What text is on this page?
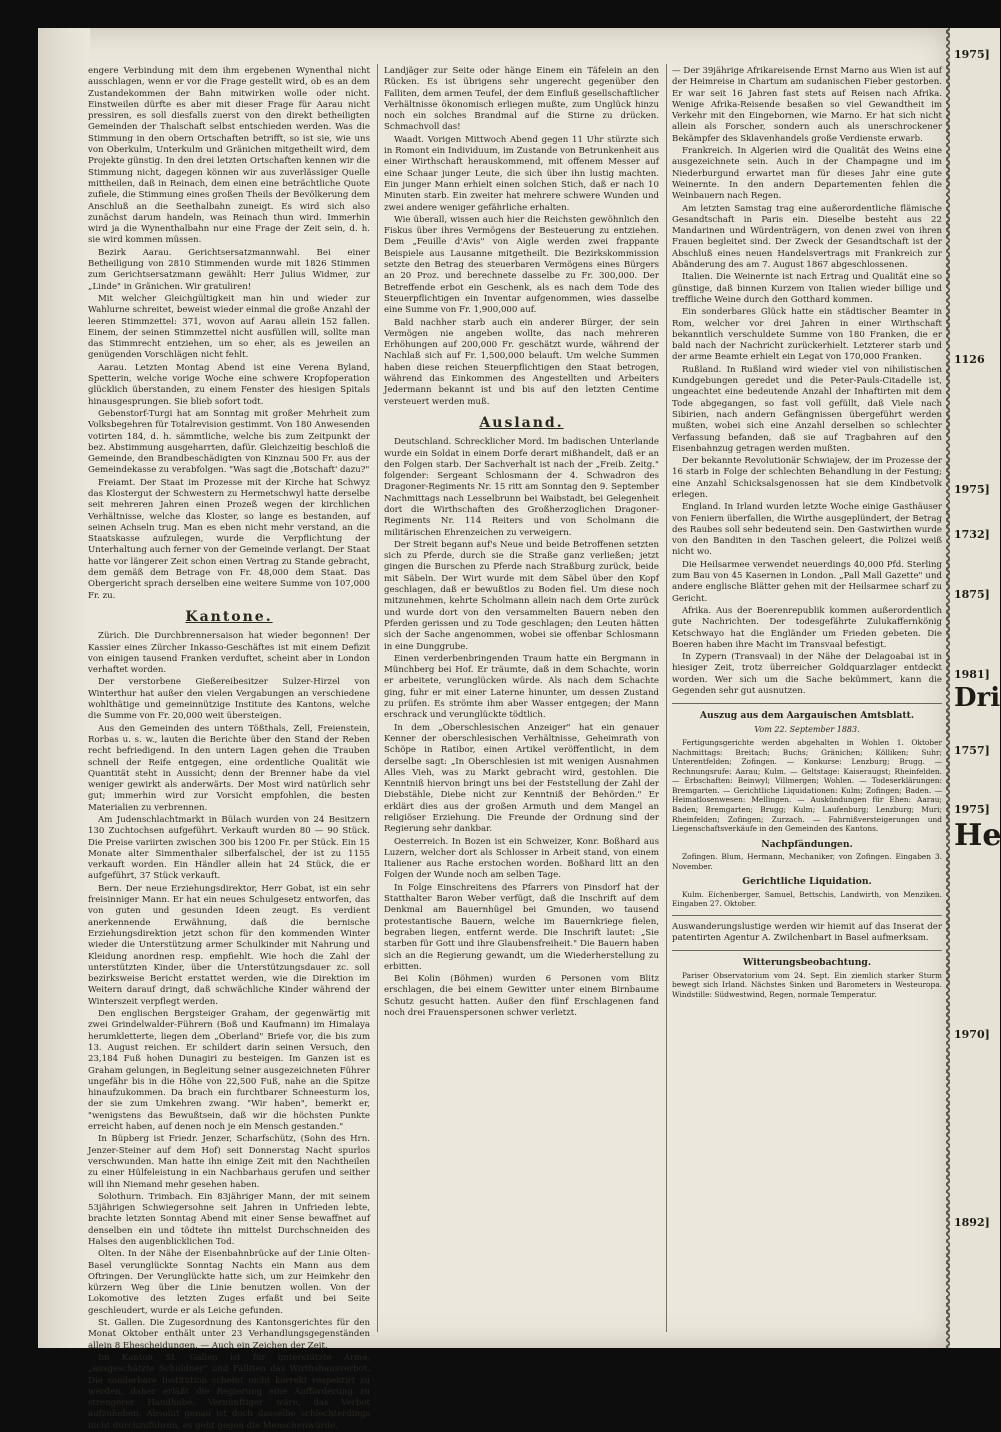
engere Verbindung mit dem ihm ergebenen Wynenthal nicht ausschlagen, wenn er vor die Frage gestellt wird, ob es an dem Zustandekommen der Bahn mitwirken wolle oder nicht. Einstweilen dürfte es aber mit dieser Frage für Aarau nicht pressiren, es soll diesfalls zuerst von den direkt betheiligten Gemeinden der Thalschaft selbst entschieden werden. Was die Stimmung in den obern Ortschaften betrifft, so ist sie, wie uns von Oberkulm, Unterkulm und Gränichen mitgetheilt wird, dem Projekte günstig. In den drei letzten Ortschaften kennen wir die Stimmung nicht, dagegen können wir aus zuverlässiger Quelle mittheilen, daß in Reinach, dem einen eine beträchtliche Quote zufiele, die Stimmung eines großen Theils der Bevölkerung dem Anschluß an die Seethalbahn zuneigt. Es wird sich also zunächst darum handeln, was Reinach thun wird. Immerhin wird ja die Wynenthalbahn nur eine Frage der Zeit sein, d. h. sie wird kommen müssen.

Bezirk Aarau. Gerichtsersatzmannwahl. Bei einer Betheiligung von 2810 Stimmenden wurde mit 1826 Stimmen zum Gerichtsersatzmann gewählt: Herr Julius Widmer, zur „Linde" in Gränichen. Wir gratuliren!

Mit welcher Gleichgültigkeit man hin und wieder zur Wahlurne schreitet, beweist wieder einmal die große Anzahl der leeren Stimmzettel: 371, wovon auf Aarau allein 152 fallen. Einem, der seinen Stimmzettel nicht ausfüllen will, sollte man das Stimmrecht entziehen, um so eher, als es jeweilen an genügenden Vorschlägen nicht fehlt.

Aarau. Letzten Montag Abend ist eine Verena Byland, Spetterin, welche vorige Woche eine schwere Kropfoperation glücklich überstanden, zu einem Fenster des hiesigen Spitals hinausgesprungen. Sie blieb sofort todt.

Gebenstorf-Turgi hat am Sonntag mit großer Mehrheit zum Volksbegehren für Totalrevision gestimmt. Von 180 Anwesenden votirten 184, d. h. sämmtliche, welche bis zum Zeitpunkt der bez. Abstimmung ausgeharrten, dafür. Gleichzeitig beschloß die Gemeinde, den Brandbeschädigten von Kinznau 500 Fr. aus der Gemeindekasse zu verabfolgen. "Was sagt die ‚Botschaft' dazu?"

Freiamt. Der Staat im Prozesse mit der Kirche hat Schwyz das Klostergut der Schwestern zu Hermetschwyl hatte derselbe seit mehreren Jahren einen Prozeß wegen der kirchlichen Verhältnisse, welche das Kloster, so lange es bestanden, auf seinen Achseln trug. Man es eben nicht mehr verstand, an die Staatskasse aufzulegen, wurde die Verpflichtung der Unterhaltung auch ferner von der Gemeinde verlangt. Der Staat hatte vor längerer Zeit schon einen Vertrag zu Stande gebracht, dem gemäß dem Betrage von Fr. 48,000 dem Staat. Das Obergericht sprach derselben eine weitere Summe von 107,000 Fr. zu.

Kantone.

Zürich. Die Durchbrennersaison hat wieder begonnen! Der Kassier eines Zürcher Inkasso-Geschäftes ist mit einem Defizit von einigen tausend Franken verduftet, scheint aber in London verhaftet worden.

Der verstorbene Gießereibesitzer Sulzer-Hirzel von Winterthur hat außer den vielen Vergabungen an verschiedene wohlthätige und gemeinnützige Institute des Kantons, welche die Summe von Fr. 20,000 weit übersteigen.

Aus den Gemeinden des untern Tößthals, Zell, Freienstein, Rorbas u. s. w., lauten die Berichte über den Stand der Reben recht befriedigend. In den untern Lagen gehen die Trauben schnell der Reife entgegen, eine ordentliche Qualität wie Quantität steht in Aussicht; denn der Brenner habe da viel weniger gewirkt als anderwärts. Der Most wird natürlich sehr gut; immerhin wird zur Vorsicht empfohlen, die besten Materialien zu verbrennen.

Am Judenschlachtmarkt in Bülach wurden von 24 Besitzern 130 Zuchtochsen aufgeführt. Verkauft wurden 80 — 90 Stück. Die Preise variirten zwischen 300 bis 1200 Fr. per Stück. Ein 15 Monate alter Simmenthaler silberfalschel, der ist zu 1155 verkauft worden. Ein Händler allein hat 24 Stück, die er aufgeführt, 37 Stück verkauft.

Bern. Der neue Erziehungsdirektor, Herr Gobat, ist ein sehr freisinniger Mann. Er hat ein neues Schulgesetz entworfen, das von guten und gesunden Ideen zeugt. Es verdient anerkennende Erwähnung, daß die bernische Erziehungsdirektion jetzt schon für den kommenden Winter wieder die Unterstützung armer Schulkinder mit Nahrung und Kleidung anordnen resp. empfiehlt. Wie hoch die Zahl der unterstützten Kinder, über die Unterstützungsdauer zc. soll bezirksweise Bericht erstattet werden, wie die Direktion im Weitern darauf dringt, daß schwächliche Kinder während der Winterszeit verpflegt werden.

Den englischen Bergsteiger Graham, der gegenwärtig mit zwei Grindelwalder-Führern (Boß und Kaufmann) im Himalaya herumkletterte, liegen dem „Oberland" Briefe vor, die bis zum 13. August reichen. Er schildert darin seinen Versuch, den 23,184 Fuß hohen Dunagiri zu besteigen. Im Ganzen ist es Graham gelungen, in Begleitung seiner ausgezeichneten Führer ungefähr bis in die Höhe von 22,500 Fuß, nahe an die Spitze hinaufzukommen. Da brach ein furchtbarer Schneesturm los, der sie zum Umkehren zwang. "Wir haben", bemerkt er, "wenigstens das Bewußtsein, daß wir die höchsten Punkte erreicht haben, auf denen noch je ein Mensch gestanden."

In Büpberg ist Friedr. Jenzer, Scharfschütz, (Sohn des Hrn. Jenzer-Steiner auf dem Hof) seit Donnerstag Nacht spurlos verschwunden. Man hatte ihn einige Zeit mit den Nachtheilen zu einer Hülfeleistung in ein Nachbarhaus gerufen und seither will ihn Niemand mehr gesehen haben.

Solothurn. Trimbach. Ein 83jähriger Mann, der mit seinem 53jährigen Schwiegersohne seit Jahren in Unfrieden lebte, brachte letzten Sonntag Abend mit einer Sense bewaffnet auf denselben ein und tödtete ihn mittelst Durchschneiden des Halses den augenblicklichen Tod.

Olten. In der Nähe der Eisenbahnbrücke auf der Linie Olten-Basel verunglückte Sonntag Nachts ein Mann aus dem Oftringen. Der Verunglückte hatte sich, um zur Heimkehr den kürzern Weg über die Linie benutzen wollen. Von der Lokomotive des letzten Zuges erfaßt und bei Seite geschleudert, wurde er als Leiche gefunden.

St. Gallen. Die Zugesordnung des Kantonsgerichtes für den Monat Oktober enthält unter 23 Verhandlungsgegenständen allein 8 Ehescheidungen. — Auch ein Zeichen der Zeit.

Im Kanton St. Gallen ist für unterstützte Arme, „ausgeschätzte Schuldner" und Falliten das Wirthshausverbot. Die sonderbare Institution scheint nicht korrekt respektirt zu werden, daher erläßt die Regierung eine Aufforderung zu strengerer Handhabe. Vernünftiger wäre, das Verbot aufzuheben. Absolut genau ist doch dasselbe schlechterdings nicht durchzuführen, es geht gegen die Menschenwürde.

Landjäger zur Seite oder hänge Einem ein Täfelein an den Rücken. Es ist übrigens sehr ungerecht gegenüber den Falliten, dem armen Teufel, der dem Einfluß gesellschaftlicher Verhältnisse ökonomisch erliegen mußte, zum Unglück hinzu noch ein solches Brandmal auf die Stirne zu drücken. Schmachvoll das!

Waadt. Vorigen Mittwoch Abend gegen 11 Uhr stürzte sich in Romont ein Individuum, im Zustande von Betrunkenheit aus einer Wirthschaft herauskommend, mit offenem Messer auf eine Schaar junger Leute, die sich über ihn lustig machten. Ein junger Mann erhielt einen solchen Stich, daß er nach 10 Minuten starb. Ein zweiter hat mehrere schwere Wunden und zwei andere weniger gefährliche erhalten.

Wie überall, wissen auch hier die Reichsten gewöhnlich den Fiskus über ihres Vermögens der Besteuerung zu entziehen. Dem „Feuille d'Avis" von Aigle werden zwei frappante Beispiele aus Lausanne mitgetheilt. Die Bezirkskommission setzte den Betrag des steuerbaren Vermögens eines Bürgers an 20 Proz. und berechnete dasselbe zu Fr. 300,000. Der Betreffende erbot ein Geschenk, als es nach dem Tode des Steuerpflichtigen ein Inventar aufgenommen, wies dasselbe eine Summe von Fr. 1,900,000 auf.

Bald nachher starb auch ein anderer Bürger, der sein Vermögen nie angeben wollte, das nach mehreren Erhöhungen auf 200,000 Fr. geschätzt wurde, während der Nachlaß sich auf Fr. 1,500,000 belauft. Um welche Summen haben diese reichen Steuerpflichtigen den Staat betrogen, während das Einkommen des Angestellten und Arbeiters Jedermann bekannt ist und bis auf den letzten Centime versteuert werden muß.

Ausland.

Deutschland. Schrecklicher Mord. Im badischen Unterlande wurde ein Soldat in einem Dorfe derart mißhandelt, daß er an den Folgen starb. Der Sachverhalt ist nach der „Freib. Zeitg." folgender: Sergeant Schlosmann der 4. Schwadron des Dragoner-Regiments Nr. 15 ritt am Sonntag den 9. September Nachmittags nach Lesselbrunn bei Waibstadt, bei Gelegenheit dort die Wirthschaften des Großherzoglichen Dragoner-Regiments Nr. 114 Reiters und von Scholmann die militärischen Ehrenzeichen zu verweigern.

Der Streit begann auf's Neue und beide Betroffenen setzten sich zu Pferde, durch sie die Straße ganz verließen; jetzt gingen die Burschen zu Pferde nach Straßburg zurück, beide mit Säbeln. Der Wirt wurde mit dem Säbel über den Kopf geschlagen, daß er bewußtlos zu Boden fiel. Um diese noch mitzunehmen, kehrte Scholmann allein nach dem Orte zurück und wurde dort von den versammelten Bauern neben den Pferden gerissen und zu Tode geschlagen; den Leuten hätten sich der Sache angenommen, wobei sie offenbar Schlosmann in eine Dunggrube.

Einen verderbenbringenden Traum hatte ein Bergmann in Münchberg bei Hof. Er träumte, daß in dem Schachte, worin er arbeitete, verunglücken würde. Als nach dem Schachte ging, fuhr er mit einer Laterne hinunter, um dessen Zustand zu prüfen. Es strömte ihm aber Wasser entgegen; der Mann erschrack und verunglückte tödtlich.

In dem „Oberschlesischen Anzeiger" hat ein genauer Kenner der oberschlesischen Verhältnisse, Geheimrath von Schöpe in Ratibor, einen Artikel veröffentlicht, in dem derselbe sagt: „In Oberschlesien ist mit wenigen Ausnahmen Alles Vieh, was zu Markt gebracht wird, gestohlen. Die Kenntniß hiervon bringt uns bei der Feststellung der Zahl der Diebstähle, Diebe nicht zur Kenntniß der Behörden." Er erklärt dies aus der großen Armuth und dem Mangel an religiöser Erziehung. Die Freunde der Ordnung sind der Regierung sehr dankbar.

Oesterreich. In Bozen ist ein Schweizer, Konr. Boßhard aus Luzern, welcher dort als Schlosser in Arbeit stand, von einem Italiener aus Rache erstochen worden. Boßhard litt an den Folgen der Wunde noch am selben Tage.

In Folge Einschreitens des Pfarrers von Pinsdorf hat der Statthalter Baron Weber verfügt, daß die Inschrift auf dem Denkmal am Bauernhügel bei Gmunden, wo tausend protestantische Bauern, welche im Bauernkriege fielen, begraben liegen, entfernt werde. Die Inschrift lautet: „Sie starben für Gott und ihre Glaubensfreiheit." Die Bauern haben sich an die Regierung gewandt, um die Wiederherstellung zu erbitten.

Bei Kolin (Böhmen) wurden 6 Personen vom Blitz erschlagen, die bei einem Gewitter unter einem Birnbaume Schutz gesucht hatten. Außer den fünf Erschlagenen fand noch drei Frauenspersonen schwer verletzt.

— Der 39jährige Afrikareisende Ernst Marno aus Wien ist auf der Heimreise in Chartum am sudanischen Fieber gestorben. Er war seit 16 Jahren fast stets auf Reisen nach Afrika. Wenige Afrika-Reisende besaßen so viel Gewandtheit im Verkehr mit den Eingebornen, wie Marno. Er hat sich nicht allein als Forscher, sondern auch als unerschrockener Bekämpfer des Sklavenhandels große Verdienste erwarb.

Frankreich. In Algerien wird die Qualität des Weins eine ausgezeichnete sein. Auch in der Champagne und im Niederburgund erwartet man für dieses Jahr eine gute Weinernte. In den andern Departementen fehlen die Weinbauern nach Regen.

Am letzten Samstag trag eine außerordentliche flämische Gesandtschaft in Paris ein. Dieselbe besteht aus 22 Mandarinen und Würdenträgern, von denen zwei von ihren Frauen begleitet sind. Der Zweck der Gesandtschaft ist der Abschluß eines neuen Handelsvertrags mit Frankreich zur Abänderung des am 7. August 1867 abgeschlossenen.

Italien. Die Weinernte ist nach Ertrag und Qualität eine so günstige, daß binnen Kurzem von Italien wieder billige und treffliche Weine durch den Gotthard kommen.

Ein sonderbares Glück hatte ein städtischer Beamter in Rom, welcher vor drei Jahren in einer Wirthschaft bekanntlich verschuldete Summe von 180 Franken, die er bald nach der Nachricht zurückerhielt. Letzterer starb und der arme Beamte erhielt ein Legat von 170,000 Franken.

Rußland. In Rußland wird wieder viel von nihilistischen Kundgebungen geredet und die Peter-Pauls-Citadelle ist, ungeachtet eine bedeutende Anzahl der Inhaftirten mit dem Tode abgegangen, so fast voll gefüllt, daß Viele nach Sibirien, nach andern Gefängnissen übergeführt werden mußten, wobei sich eine Anzahl derselben so schlechter Verfassung befanden, daß sie auf Tragbahren auf den Eisenbahnzug getragen werden mußten.

Der bekannte Revolutionär Schwiajew, der im Prozesse der 16 starb in Folge der schlechten Behandlung in der Festung; eine Anzahl Schicksalsgenossen hat sie dem Kindbetvolk erlegen.

England. In Irland wurden letzte Woche einige Gasthäuser von Feniern überfallen, die Wirthe ausgeplündert, der Betrag des Raubes soll sehr bedeutend sein. Den Gastwirthen wurde von den Banditen in den Taschen geleert, die Polizei weiß nicht wo.

Die Heilsarmee verwendet neuerdings 40,000 Pfd. Sterling zum Bau von 45 Kasernen in London. „Pall Mall Gazette" und andere englische Blätter gehen mit der Heilsarmee scharf zu Gericht.

Afrika. Aus der Boerenrepublik kommen außerordentlich gute Nachrichten. Der todesgefährte Zulukaffernkönig Ketschwayo hat die Engländer um Frieden gebeten. Die Boeren haben ihre Macht im Transvaal befestigt.

In Zypern (Transvaal) in der Nähe der Delagoabai ist in hiesiger Zeit, trotz überreicher Goldquarzlager entdeckt worden. Wer sich um die Sache bekümmert, kann die Gegenden sehr gut ausnutzen.

Auszug aus dem Aargauischen Amtsblatt.
Vom 22. September 1883.

Fertigungsgerichte werden abgehalten in Wohlen 1. Oktober Nachmittags: Breitach; Buchs; Gränichen; Kölliken; Suhr; Unterentfelden; Zofingen. — Konkurse: Lenzburg; Brugg. — Rechnungsrufe: Aarau; Kulm. — Geltstage: Kaiseraugst; Rheinfelden. — Erbschaften: Beinwyl; Villmergen; Wohlen. — Todeserklärungen: Bremgarten. — Gerichtliche Liquidationen: Kulm; Zofingen; Baden. — Heimatlosenwesen: Mellingen. — Auskündungen für Ehen: Aarau; Baden; Bremgarten; Brugg; Kulm; Laufenburg; Lenzburg; Muri; Rheinfelden; Zofingen; Zurzach. — Fahrnißversteigerungen und Liegenschaftsverkäufe in den Gemeinden des Kantons.

Nachpfändungen.

Zofingen. Blum, Hermann, Mechaniker, von Zofingen. Eingaben 3. November.

Gerichtliche Liquidation.

Kulm. Eichenberger, Samuel, Bettschis, Landwirth, von Menziken. Eingaben 27. Oktober.

Auswanderungslustige werden wir hiemit auf das Inserat der patentirten Agentur A. Zwilchenbart in Basel aufmerksam.

Witterungsbeobachtung.

Pariser Observatorium vom 24. Sept. Ein ziemlich starker Sturm bewegt sich Irland. Nächstes Sinken und Barometers in Westeuropa. Windstille: Südwestwind, Regen, normale Temperatur.

1975]
1126
1975]
1732]
1875]
1981]
Dri
1757]
1975]
He
1970]
1892]
